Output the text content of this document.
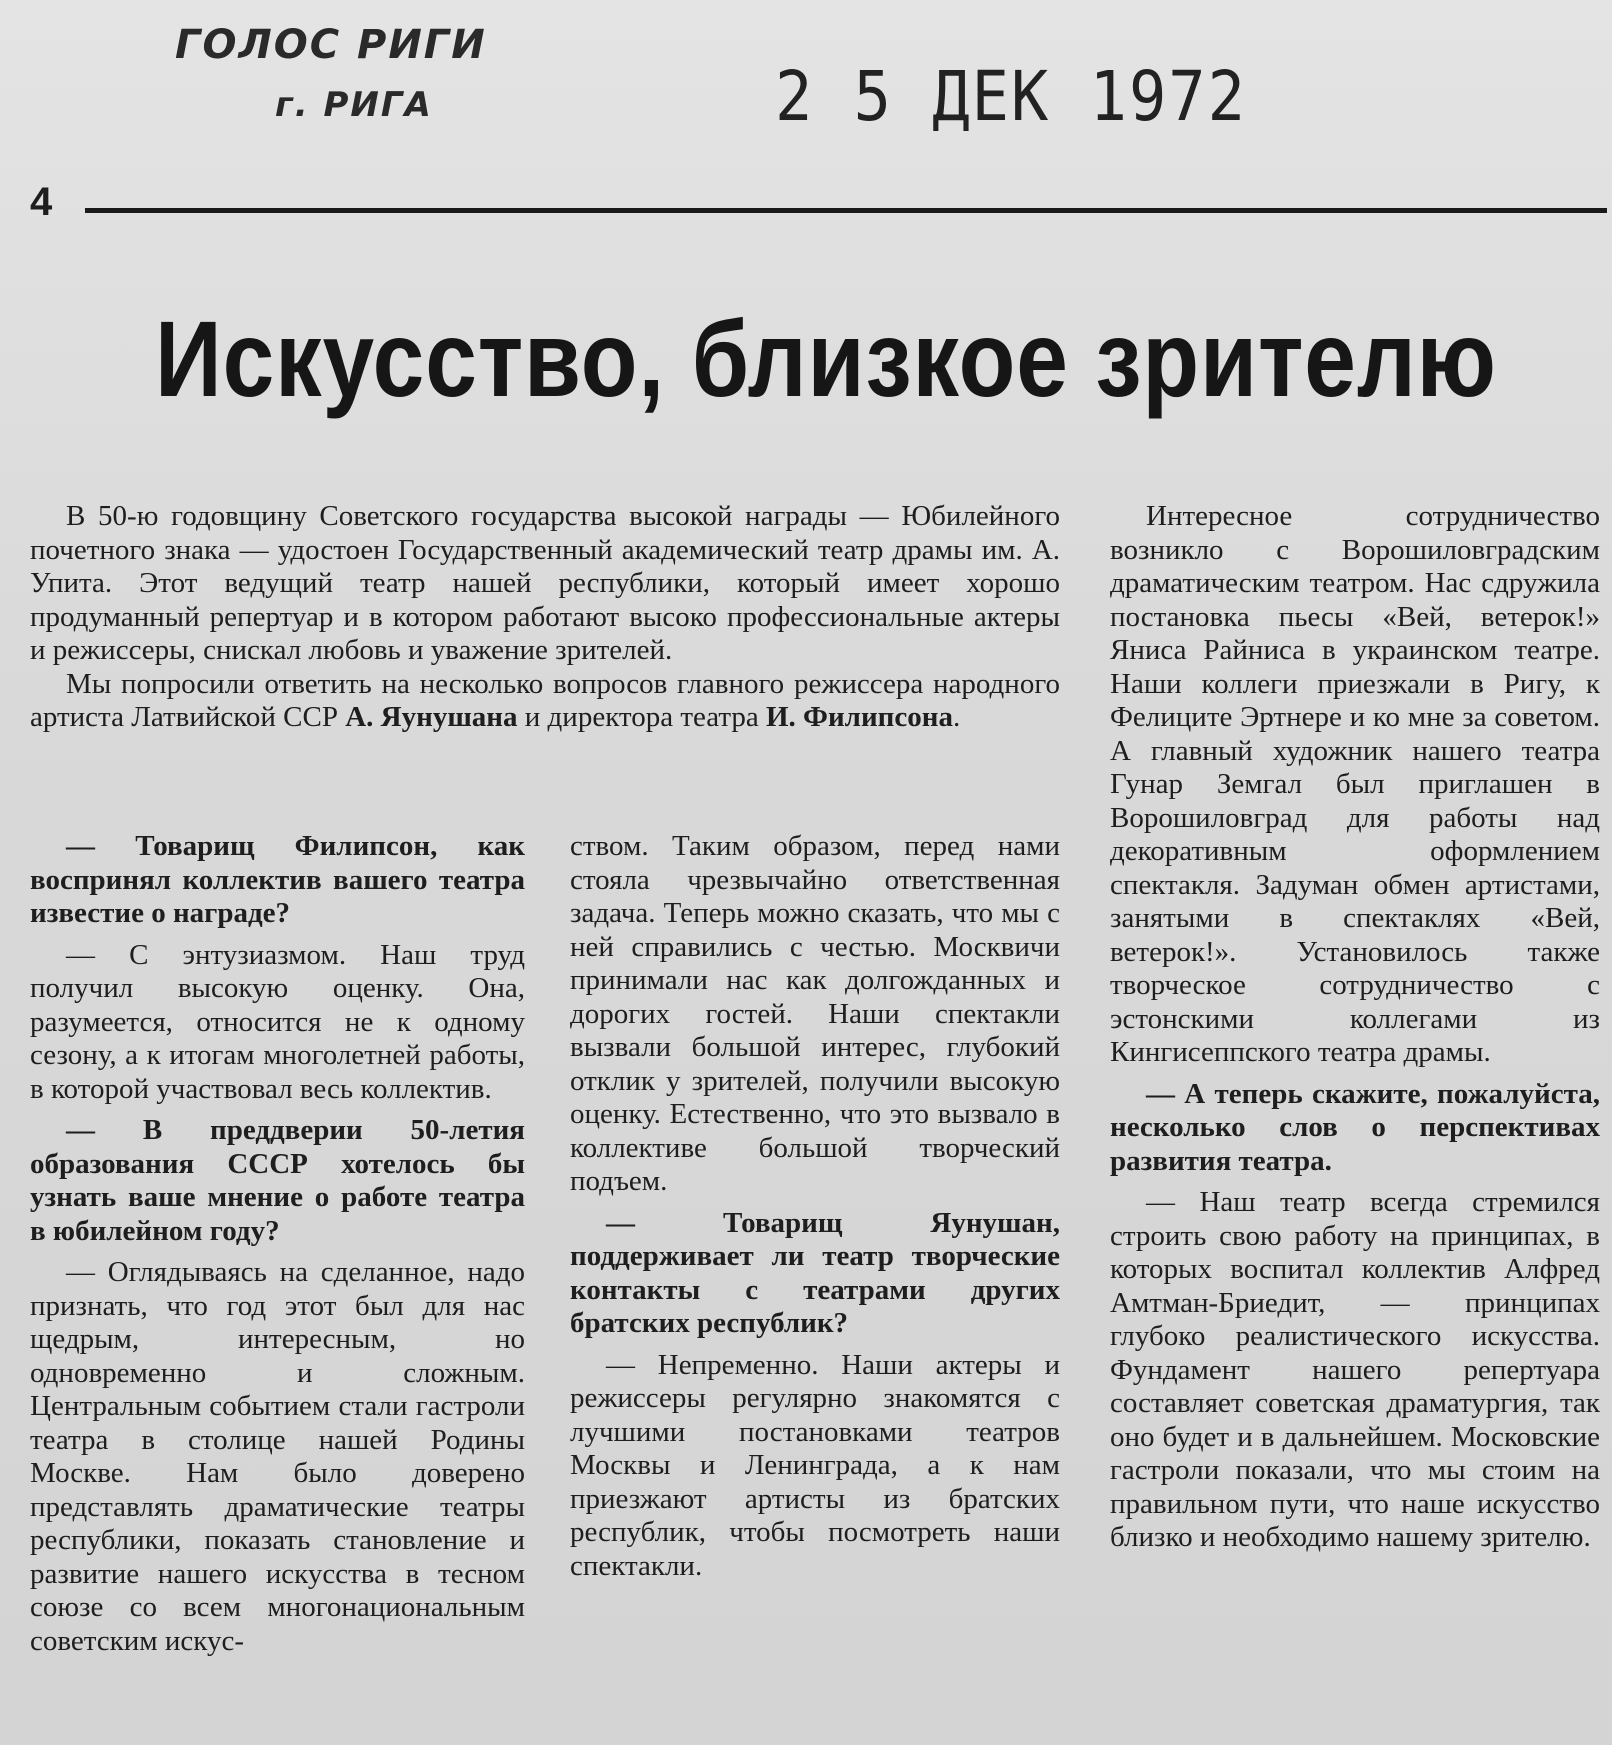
ГОЛОС РИГИ
г. РИГА	2 5 ДЕК 1972
4
Искусство, близкое зрителю

В 50-ю годовщину Советского государства высокой награды — Юбилейного почетного знака — удостоен Государственный академический театр драмы им. А. Упита. Этот ведущий театр нашей республики, который имеет хорошо продуманный репертуар и в котором работают высоко профессиональные актеры и режиссеры, снискал любовь и уважение зрителей.

Мы попросили ответить на несколько вопросов главного режиссера народного артиста Латвийской ССР А. Яунушана и директора театра И. Филипсона.

— Товарищ Филипсон, как воспринял коллектив вашего театра известие о награде?

— С энтузиазмом. Наш труд получил высокую оценку. Она, разумеется, относится не к одному сезону, а к итогам многолетней работы, в которой участвовал весь коллектив.

— В преддверии 50-летия образования СССР хотелось бы узнать ваше мнение о работе театра в юбилейном году?

— Оглядываясь на сделанное, надо признать, что год этот был для нас щедрым, интересным, но одновременно и сложным. Центральным событием стали гастроли театра в столице нашей Родины Москве. Нам было доверено представлять драматические театры республики, показать становление и развитие нашего искусства в тесном союзе со всем многонациональным советским искус-

ством. Таким образом, перед нами стояла чрезвычайно ответственная задача. Теперь можно сказать, что мы с ней справились с честью. Москвичи принимали нас как долгожданных и дорогих гостей. Наши спектакли вызвали большой интерес, глубокий отклик у зрителей, получили высокую оценку. Естественно, что это вызвало в коллективе большой творческий подъем.

— Товарищ Яунушан, поддерживает ли театр творческие контакты с театрами других братских республик?

— Непременно. Наши актеры и режиссеры регулярно знакомятся с лучшими постановками театров Москвы и Ленинграда, а к нам приезжают артисты из братских республик, чтобы посмотреть наши спектакли.

Интересное сотрудничество возникло с Ворошиловградским драматическим театром. Нас сдружила постановка пьесы «Вей, ветерок!» Яниса Райниса в украинском театре. Наши коллеги приезжали в Ригу, к Фелиците Эртнере и ко мне за советом. А главный художник нашего театра Гунар Земгал был приглашен в Ворошиловград для работы над декоративным оформлением спектакля. Задуман обмен артистами, занятыми в спектаклях «Вей, ветерок!». Установилось также творческое сотрудничество с эстонскими коллегами из Кингисеппского театра драмы.

— А теперь скажите, пожалуйста, несколько слов о перспективах развития театра.

— Наш театр всегда стремился строить свою работу на принципах, в которых воспитал коллектив Алфред Амтман-Бриедит, — принципах глубоко реалистического искусства. Фундамент нашего репертуара составляет советская драматургия, так оно будет и в дальнейшем. Московские гастроли показали, что мы стоим на правильном пути, что наше искусство близко и необходимо нашему зрителю.
